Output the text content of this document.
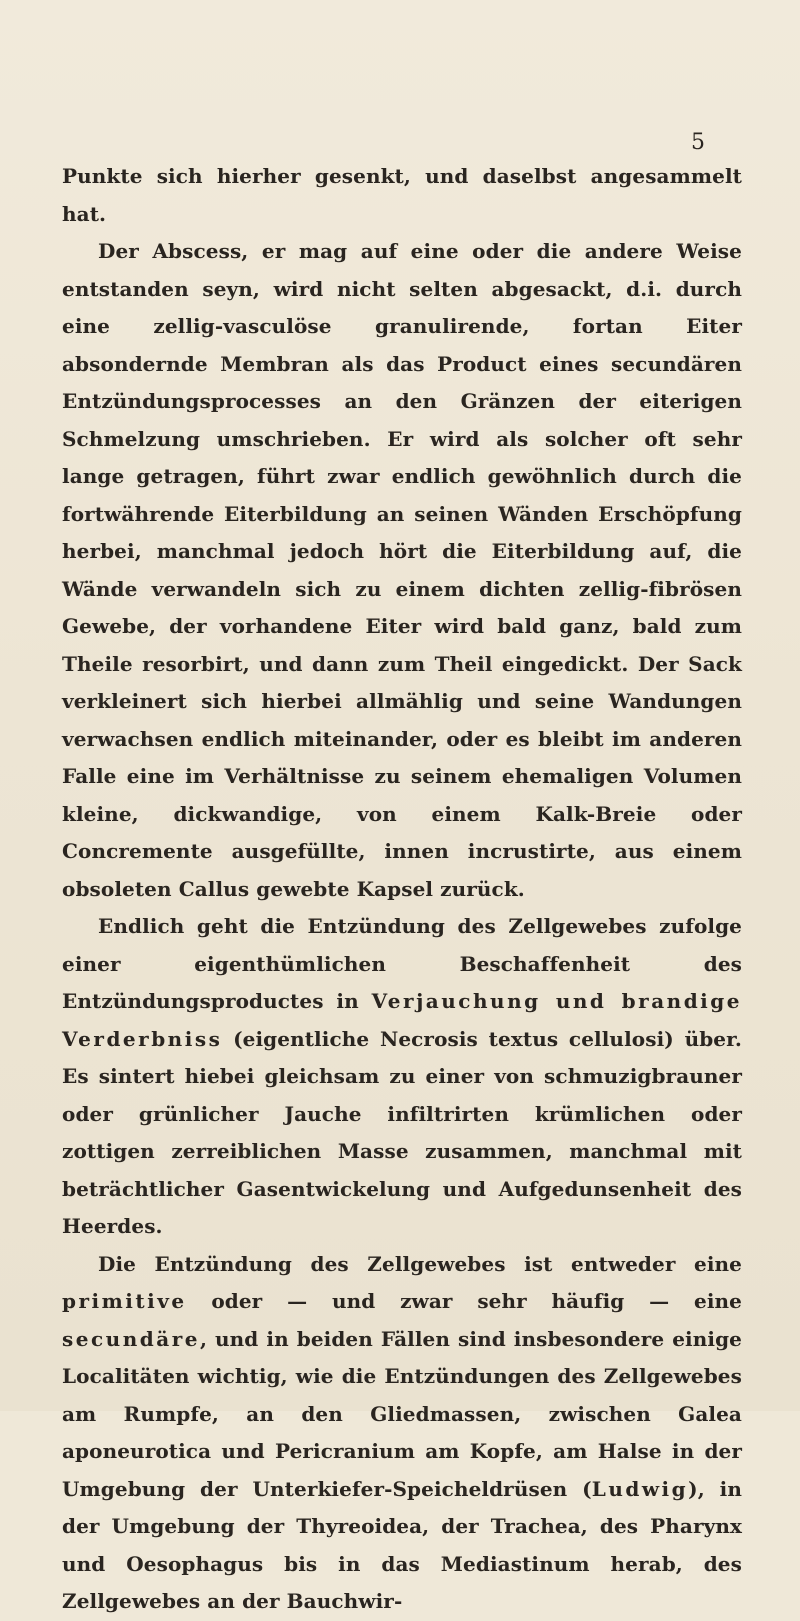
5

Punkte sich hierher gesenkt, und daselbst angesammelt hat.

Der Abscess, er mag auf eine oder die andere Weise entstanden seyn, wird nicht selten abgesackt, d.i. durch eine zellig-vasculöse granulirende, fortan Eiter absondernde Membran als das Product eines secundären Entzündungsprocesses an den Gränzen der eiterigen Schmelzung umschrieben. Er wird als solcher oft sehr lange getragen, führt zwar endlich gewöhnlich durch die fortwährende Eiterbildung an seinen Wänden Erschöpfung herbei, manchmal jedoch hört die Eiterbildung auf, die Wände verwandeln sich zu einem dichten zellig-fibrösen Gewebe, der vorhandene Eiter wird bald ganz, bald zum Theile resorbirt, und dann zum Theil eingedickt. Der Sack verkleinert sich hierbei allmählig und seine Wandungen verwachsen endlich miteinander, oder es bleibt im anderen Falle eine im Verhältnisse zu seinem ehemaligen Volumen kleine, dickwandige, von einem Kalk-Breie oder Concremente ausgefüllte, innen incrustirte, aus einem obsoleten Callus gewebte Kapsel zurück.

Endlich geht die Entzündung des Zellgewebes zufolge einer eigenthümlichen Beschaffenheit des Entzündungsproductes in Verjauchung und brandige Verderbniss (eigentliche Necrosis textus cellulosi) über. Es sintert hiebei gleichsam zu einer von schmuzigbrauner oder grünlicher Jauche infiltrirten krümlichen oder zottigen zerreiblichen Masse zusammen, manchmal mit beträchtlicher Gasentwickelung und Aufgedunsenheit des Heerdes.

Die Entzündung des Zellgewebes ist entweder eine primitive oder — und zwar sehr häufig — eine secundäre, und in beiden Fällen sind insbesondere einige Localitäten wichtig, wie die Entzündungen des Zellgewebes am Rumpfe, an den Gliedmassen, zwischen Galea aponeurotica und Pericranium am Kopfe, am Halse in der Umgebung der Unterkiefer-Speicheldrüsen (Ludwig), in der Umgebung der Thyreoidea, der Trachea, des Pharynx und Oesophagus bis in das Mediastinum herab, des Zellgewebes an der Bauchwir-
